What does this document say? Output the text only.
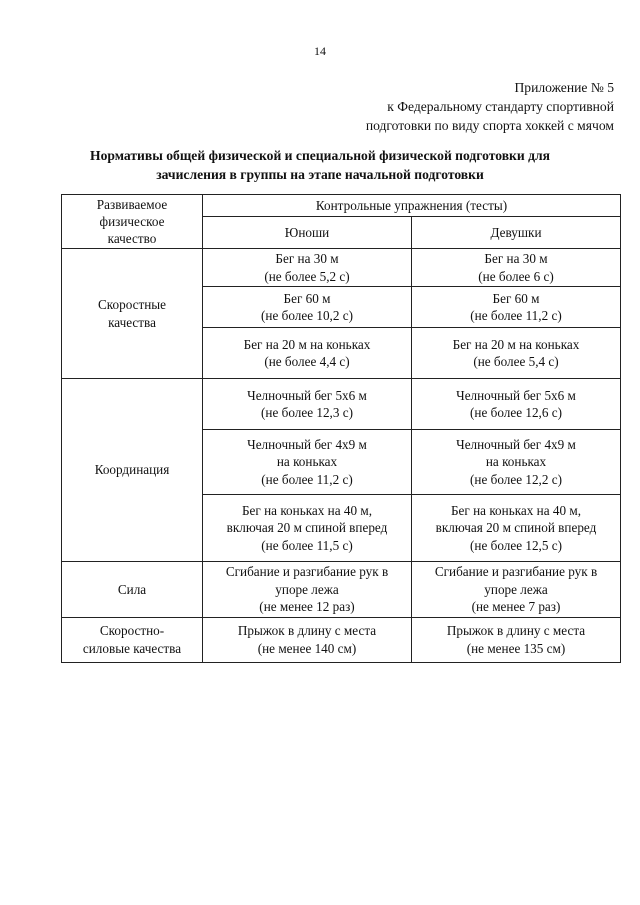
14
Приложение № 5
к Федеральному стандарту спортивной
подготовки по виду спорта хоккей с мячом
Нормативы общей физической и специальной физической подготовки для
зачисления в группы на этапе начальной подготовки
Развиваемое
физическое
качество	Контрольные упражнения (тесты)	
	Юноши	Девушки

Скоростные
качества	Бег на 30 м
(не более 5,2 с)	Бег на 30 м
(не более 6 с)

	Бег 60 м
(не более 10,2 с)	Бег 60 м
(не более 11,2 с)

	Бег на 20 м на коньках
(не более 4,4 с)	Бег на 20 м на коньках
(не более 5,4 с)

Координация	Челночный бег 5х6 м
(не более 12,3 с)	Челночный бег 5х6 м
(не более 12,6 с)

	Челночный бег 4х9 м
на коньках
(не более 11,2 с)	Челночный бег 4х9 м
на коньках
(не более 12,2 с)

	Бег на коньках на 40 м,
включая 20 м спиной вперед
(не более 11,5 с)	Бег на коньках на 40 м,
включая 20 м спиной вперед
(не более 12,5 с)

Сила	Сгибание и разгибание рук в
упоре лежа
(не менее 12 раз)	Сгибание и разгибание рук в
упоре лежа
(не менее 7 раз)

Скоростно-
силовые качества	Прыжок в длину с места
(не менее 140 см)	Прыжок в длину с места
(не менее 135 см)
